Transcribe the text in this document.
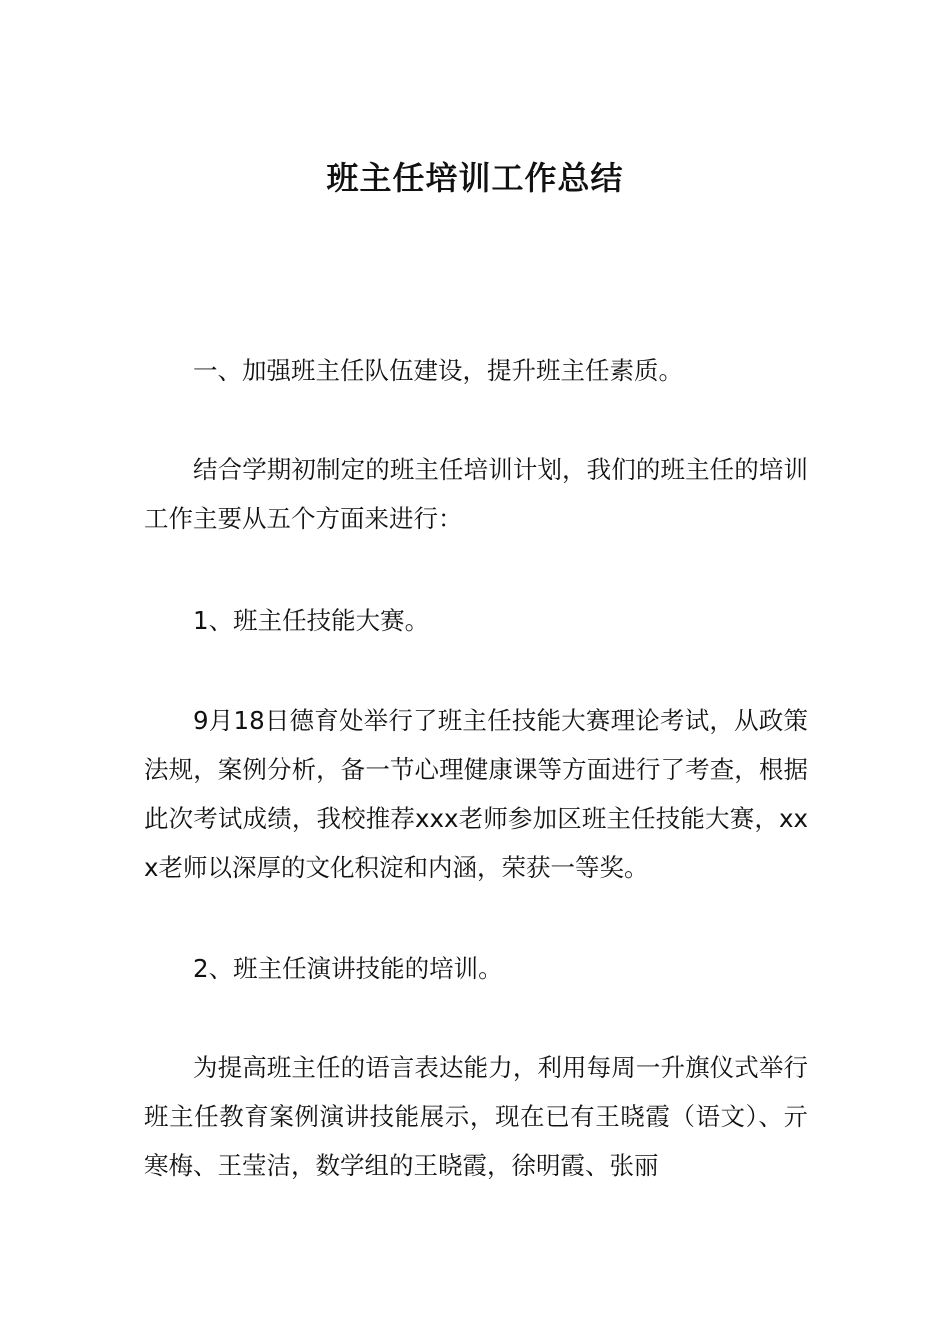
班主任培训工作总结

一、加强班主任队伍建设，提升班主任素质。

结合学期初制定的班主任培训计划，我们的班主任的培训工作主要从五个方面来进行：

1、班主任技能大赛。

9月18日德育处举行了班主任技能大赛理论考试，从政策法规，案例分析，备一节心理健康课等方面进行了考查，根据此次考试成绩，我校推荐xxx老师参加区班主任技能大赛，xxx老师以深厚的文化积淀和内涵，荣获一等奖。

2、班主任演讲技能的培训。

为提高班主任的语言表达能力，利用每周一升旗仪式举行班主任教育案例演讲技能展示，现在已有王晓霞（语文）、亓寒梅、王莹洁，数学组的王晓霞，徐明霞、张丽
